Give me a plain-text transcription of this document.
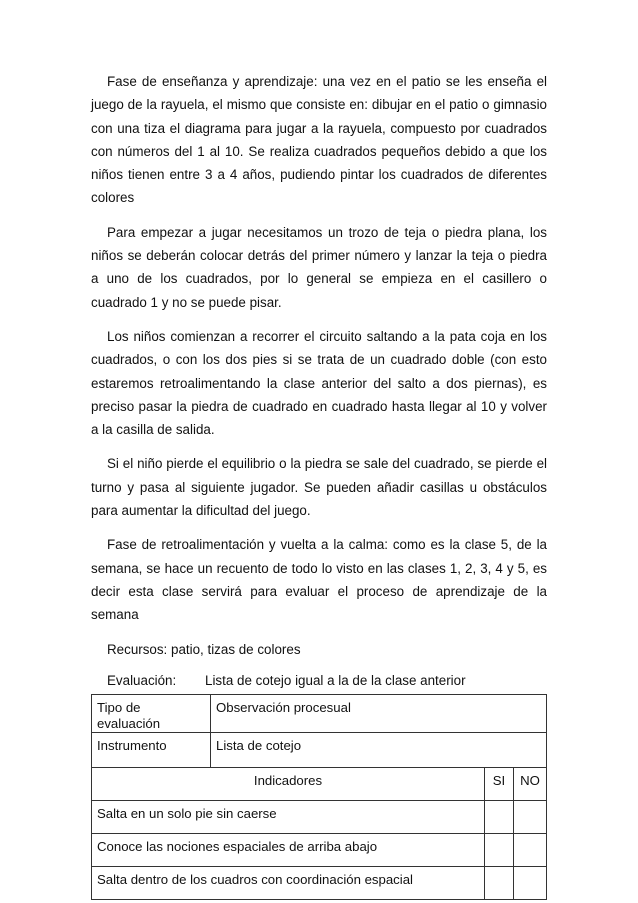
Fase de enseñanza y aprendizaje: una vez en el patio se les enseña el juego de la rayuela, el mismo que consiste en: dibujar en el patio o gimnasio con una tiza el diagrama para jugar a la rayuela, compuesto por cuadrados con números del 1 al 10. Se realiza cuadrados pequeños debido a que los niños tienen entre 3 a 4 años, pudiendo pintar los cuadrados de diferentes colores

Para empezar a jugar necesitamos un trozo de teja o piedra plana, los niños se deberán colocar detrás del primer número y lanzar la teja o piedra a uno de los cuadrados, por lo general se empieza en el casillero o cuadrado 1 y no se puede pisar.

Los niños comienzan a recorrer el circuito saltando a la pata coja en los cuadrados, o con los dos pies si se trata de un cuadrado doble (con esto estaremos retroalimentando la clase anterior del salto a dos piernas), es preciso pasar la piedra de cuadrado en cuadrado hasta llegar al 10 y volver a la casilla de salida.

Si el niño pierde el equilibrio o la piedra se sale del cuadrado, se pierde el turno y pasa al siguiente jugador. Se pueden añadir casillas u obstáculos para aumentar la dificultad del juego.

Fase de retroalimentación y vuelta a la calma: como es la clase 5, de la semana, se hace un recuento de todo lo visto en las clases 1, 2, 3, 4 y 5, es decir esta clase servirá para evaluar el proceso de aprendizaje de la semana

Recursos: patio, tizas de colores
Evaluación: Lista de cotejo igual a la de la clase anterior
Tipo de evaluación	Observación procesual		
Instrumento	Lista de cotejo		
Indicadores		SI	NO
Salta en un solo pie sin caerse			
Conoce las nociones espaciales de arriba abajo			
Salta dentro de los cuadros con coordinación espacial			
